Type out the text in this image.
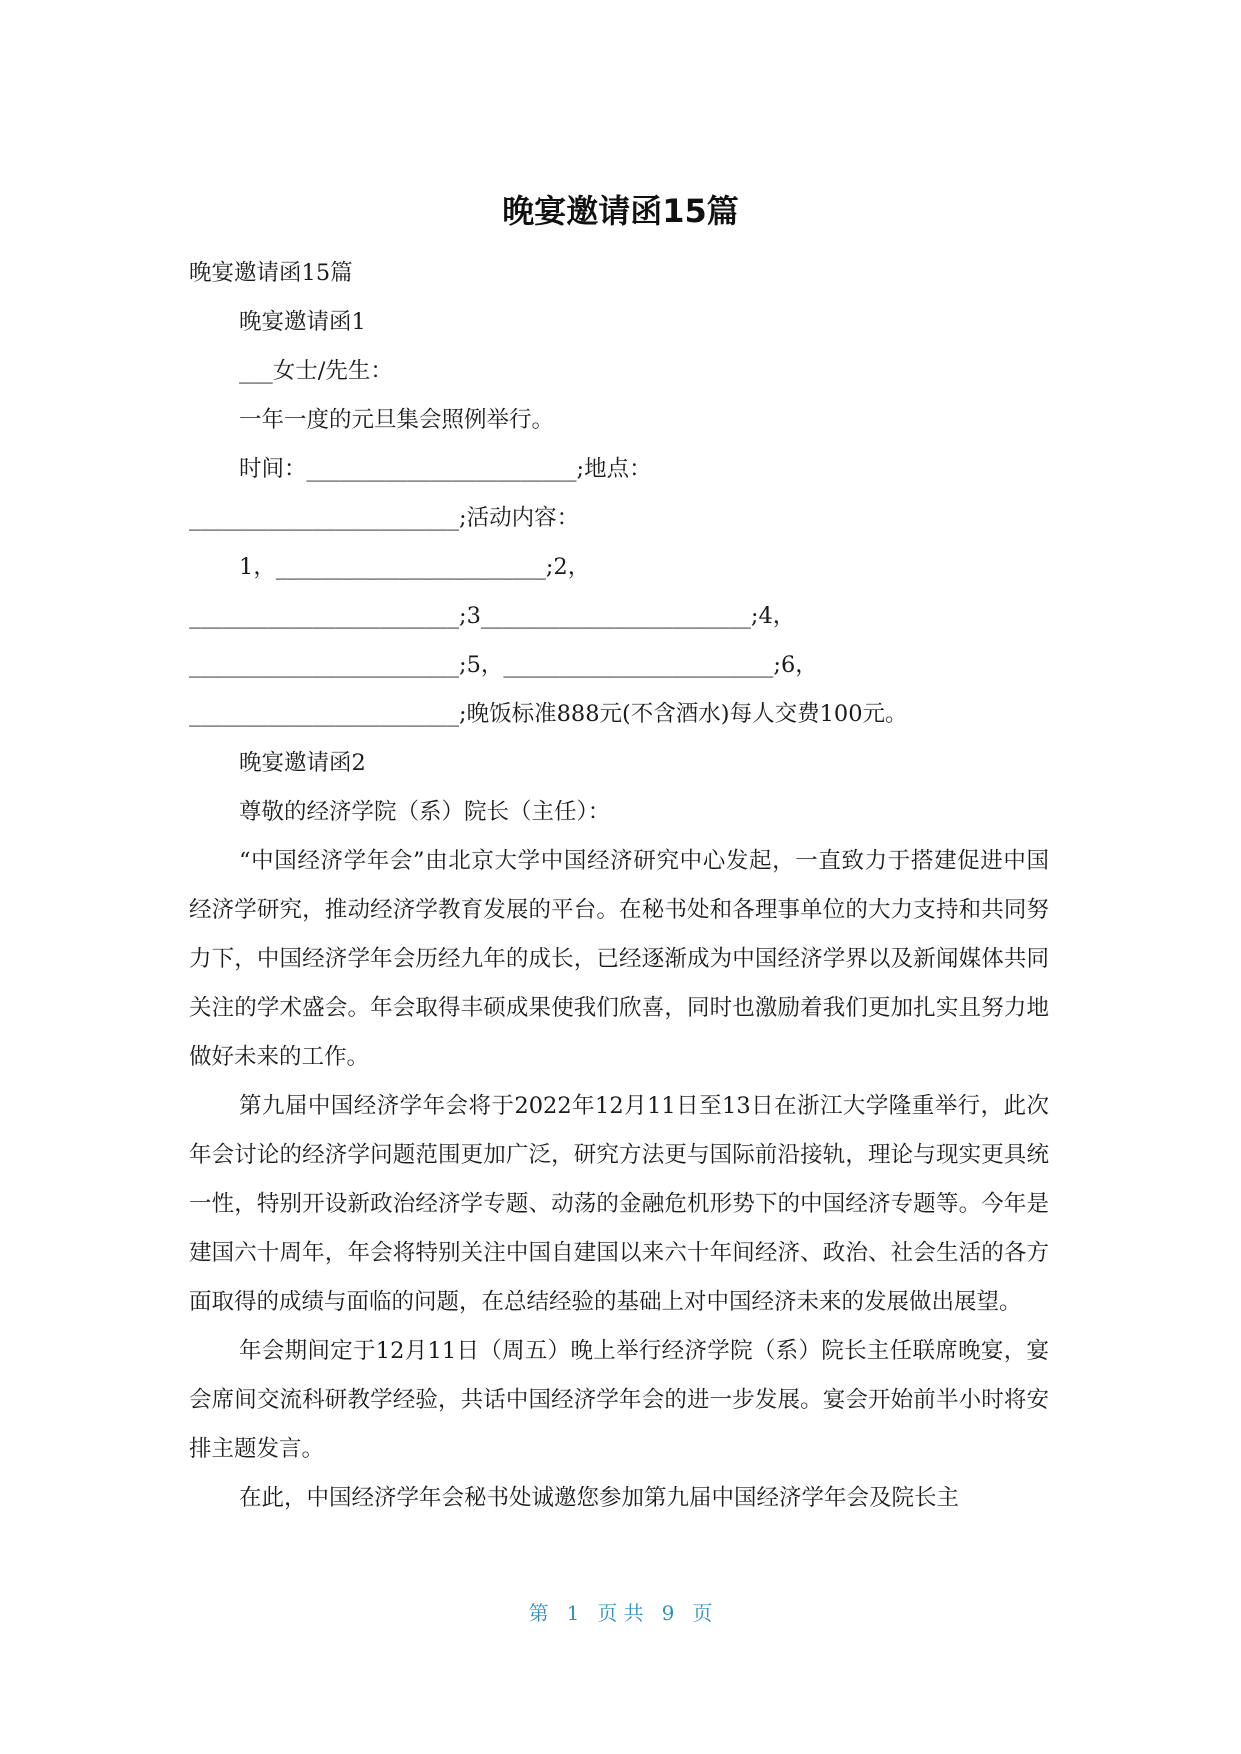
晚宴邀请函15篇

晚宴邀请函15篇

晚宴邀请函1

___女士/先生：

一年一度的元旦集会照例举行。

时间：________________________;地点：

________________________;活动内容：

1，________________________;2，

________________________;3________________________;4，

________________________;5，________________________;6，

________________________;晚饭标准888元(不含酒水)每人交费100元。

晚宴邀请函2

尊敬的经济学院（系）院长（主任）：

“中国经济学年会”由北京大学中国经济研究中心发起，一直致力于搭建促进中国经济学研究，推动经济学教育发展的平台。在秘书处和各理事单位的大力支持和共同努力下，中国经济学年会历经九年的成长，已经逐渐成为中国经济学界以及新闻媒体共同关注的学术盛会。年会取得丰硕成果使我们欣喜，同时也激励着我们更加扎实且努力地做好未来的工作。

第九届中国经济学年会将于2022年12月11日至13日在浙江大学隆重举行，此次年会讨论的经济学问题范围更加广泛，研究方法更与国际前沿接轨，理论与现实更具统一性，特别开设新政治经济学专题、动荡的金融危机形势下的中国经济专题等。今年是建国六十周年，年会将特别关注中国自建国以来六十年间经济、政治、社会生活的各方面取得的成绩与面临的问题，在总结经验的基础上对中国经济未来的发展做出展望。

年会期间定于12月11日（周五）晚上举行经济学院（系）院长主任联席晚宴，宴会席间交流科研教学经验，共话中国经济学年会的进一步发展。宴会开始前半小时将安排主题发言。

在此，中国经济学年会秘书处诚邀您参加第九届中国经济学年会及院长主

第 1 页 共 9 页
